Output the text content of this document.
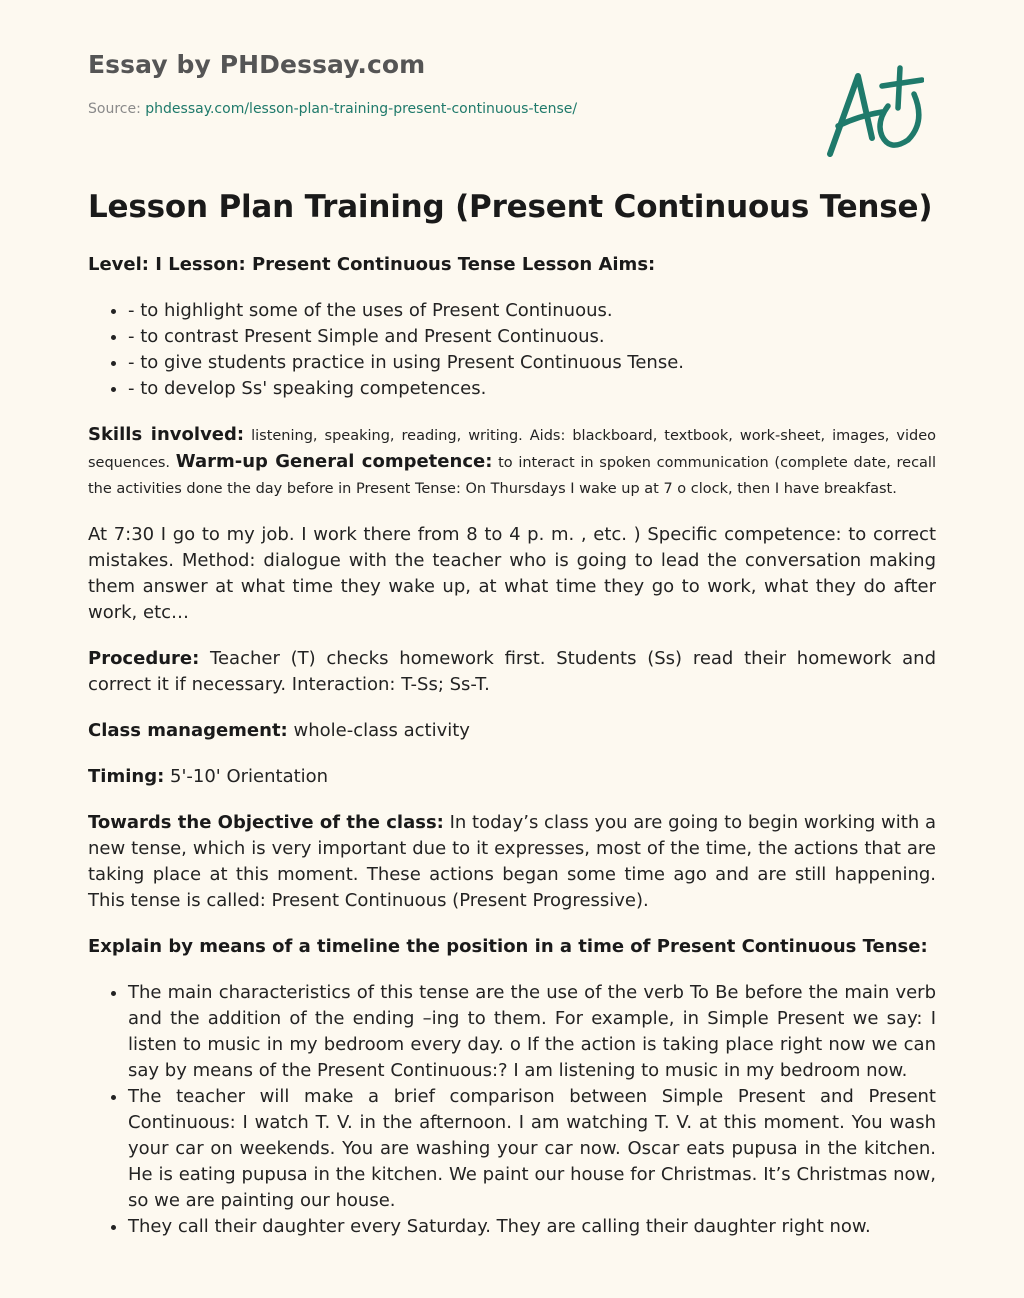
Essay by PHDessay.com
Source: phdessay.com/lesson-plan-training-present-continuous-tense/
Lesson Plan Training (Present Continuous Tense)

Level: I Lesson: Present Continuous Tense Lesson Aims:

• - to highlight some of the uses of Present Continuous.
• - to contrast Present Simple and Present Continuous.
• - to give students practice in using Present Continuous Tense.
• - to develop Ss' speaking competences.

Skills involved: listening, speaking, reading, writing. Aids: blackboard, textbook, work-sheet, images, video sequences. Warm-up General competence: to interact in spoken communication (complete date, recall the activities done the day before in Present Tense: On Thursdays I wake up at 7 o clock, then I have breakfast.

At 7:30 I go to my job. I work there from 8 to 4 p. m. , etc. ) Specific competence: to correct mistakes. Method: dialogue with the teacher who is going to lead the conversation making them answer at what time they wake up, at what time they go to work, what they do after work, etc…

Procedure: Teacher (T) checks homework first. Students (Ss) read their homework and correct it if necessary. Interaction: T-Ss; Ss-T.

Class management: whole-class activity

Timing: 5'-10' Orientation

Towards the Objective of the class: In today’s class you are going to begin working with a new tense, which is very important due to it expresses, most of the time, the actions that are taking place at this moment. These actions began some time ago and are still happening. This tense is called: Present Continuous (Present Progressive).

Explain by means of a timeline the position in a time of Present Continuous Tense:

• The main characteristics of this tense are the use of the verb To Be before the main verb and the addition of the ending –ing to them. For example, in Simple Present we say: I listen to music in my bedroom every day. o If the action is taking place right now we can say by means of the Present Continuous:? I am listening to music in my bedroom now.
• The teacher will make a brief comparison between Simple Present and Present Continuous: I watch T. V. in the afternoon. I am watching T. V. at this moment. You wash your car on weekends. You are washing your car now. Oscar eats pupusa in the kitchen. He is eating pupusa in the kitchen. We paint our house for Christmas. It’s Christmas now, so we are painting our house.
• They call their daughter every Saturday. They are calling their daughter right now.
